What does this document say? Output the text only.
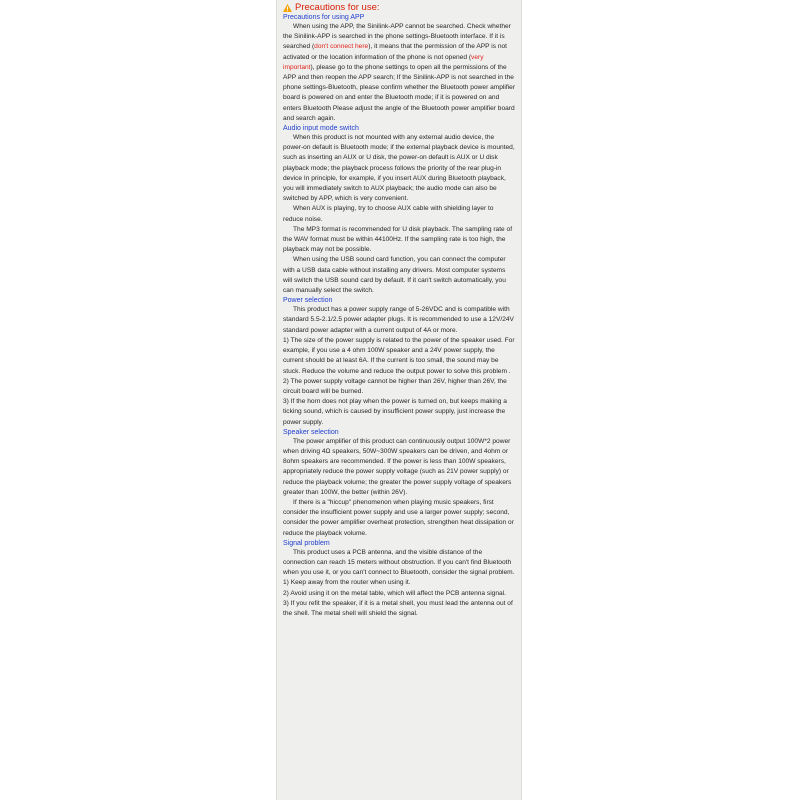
Precautions for use:
Precautions for using APP

When using the APP, the Sinilink-APP cannot be searched. Check whether the Sinilink-APP is searched in the phone settings-Bluetooth interface. If it is searched (don't connect here), it means that the permission of the APP is not activated or the location information of the phone is not opened (very important), please go to the phone settings to open all the permissions of the APP and then reopen the APP search; If the Sinilink-APP is not searched in the phone settings-Bluetooth, please confirm whether the Bluetooth power amplifier board is powered on and enter the Bluetooth mode; if it is powered on and enters Bluetooth Please adjust the angle of the Bluetooth power amplifier board and search again.

Audio input mode switch

When this product is not mounted with any external audio device, the power-on default is Bluetooth mode; if the external playback device is mounted, such as inserting an AUX or U disk, the power-on default is AUX or U disk playback mode; the playback process follows the priority of the rear plug-in device In principle, for example, if you insert AUX during Bluetooth playback, you will immediately switch to AUX playback; the audio mode can also be switched by APP, which is very convenient.

When AUX is playing, try to choose AUX cable with shielding layer to reduce noise.

The MP3 format is recommended for U disk playback. The sampling rate of the WAV format must be within 44100Hz. If the sampling rate is too high, the playback may not be possible.

When using the USB sound card function, you can connect the computer with a USB data cable without installing any drivers. Most computer systems will switch the USB sound card by default. If it can't switch automatically, you can manually select the switch.

Power selection

This product has a power supply range of 5-26VDC and is compatible with standard 5.5-2.1/2.5 power adapter plugs. It is recommended to use a 12V/24V standard power adapter with a current output of 4A or more.

1) The size of the power supply is related to the power of the speaker used. For example, if you use a 4 ohm 100W speaker and a 24V power supply, the current should be at least 6A. If the current is too small, the sound may be stuck. Reduce the volume and reduce the output power to solve this problem .

2) The power supply voltage cannot be higher than 26V, higher than 26V, the circuit board will be burned.

3) If the horn does not play when the power is turned on, but keeps making a ticking sound, which is caused by insufficient power supply, just increase the power supply.

Speaker selection

The power amplifier of this product can continuously output 100W*2 power when driving 4Ω speakers, 50W~300W speakers can be driven, and 4ohm or 8ohm speakers are recommended. If the power is less than 100W speakers, appropriately reduce the power supply voltage (such as 21V power supply) or reduce the playback volume; the greater the power supply voltage of speakers greater than 100W, the better (within 26V).

If there is a "hiccup" phenomenon when playing music speakers, first consider the insufficient power supply and use a larger power supply; second, consider the power amplifier overheat protection, strengthen heat dissipation or reduce the playback volume.

Signal problem

This product uses a PCB antenna, and the visible distance of the connection can reach 15 meters without obstruction. If you can't find Bluetooth when you use it, or you can't connect to Bluetooth, consider the signal problem.

1) Keep away from the router when using it.

2) Avoid using it on the metal table, which will affect the PCB antenna signal.

3) If you refit the speaker, if it is a metal shell, you must lead the antenna out of the shell. The metal shell will shield the signal.
